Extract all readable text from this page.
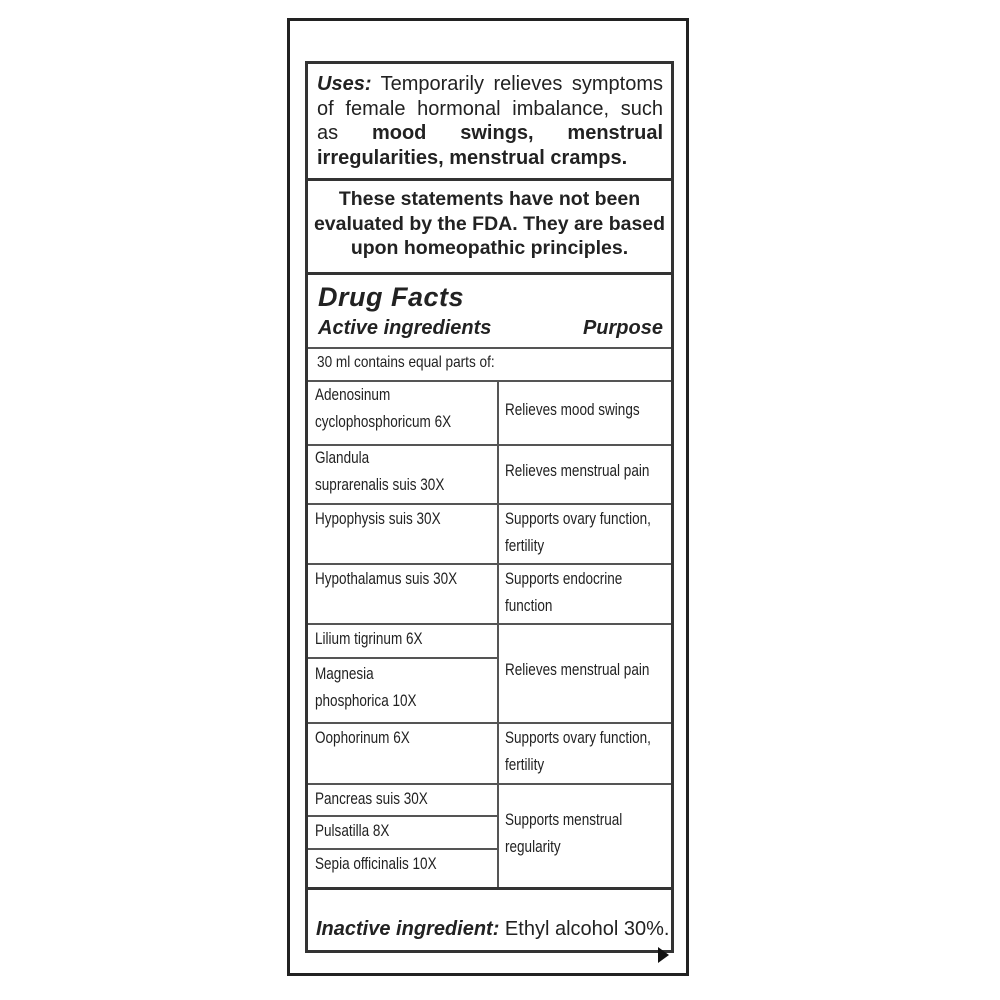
Uses: Temporarily relieves symptoms of female hormonal imbalance, such as mood swings, menstrual irregularities, menstrual cramps.
These statements have not been
evaluated by the FDA. They are based
upon homeopathic principles.
Drug Facts
Active ingredients	Purpose
30 ml contains equal parts of:
Adenosinum
cyclophosphoricum 6X
Glandula
suprarenalis suis 30X
Hypophysis suis 30X
Hypothalamus suis 30X
Lilium tigrinum 6X
Magnesia
phosphorica 10X
Oophorinum 6X
Pancreas suis 30X
Pulsatilla 8X
Sepia officinalis 10X
Relieves mood swings
Relieves menstrual pain
Supports ovary function,
fertility
Supports endocrine
function
Relieves menstrual pain
Supports ovary function,
fertility
Supports menstrual
regularity
Inactive ingredient: Ethyl alcohol 30%.
